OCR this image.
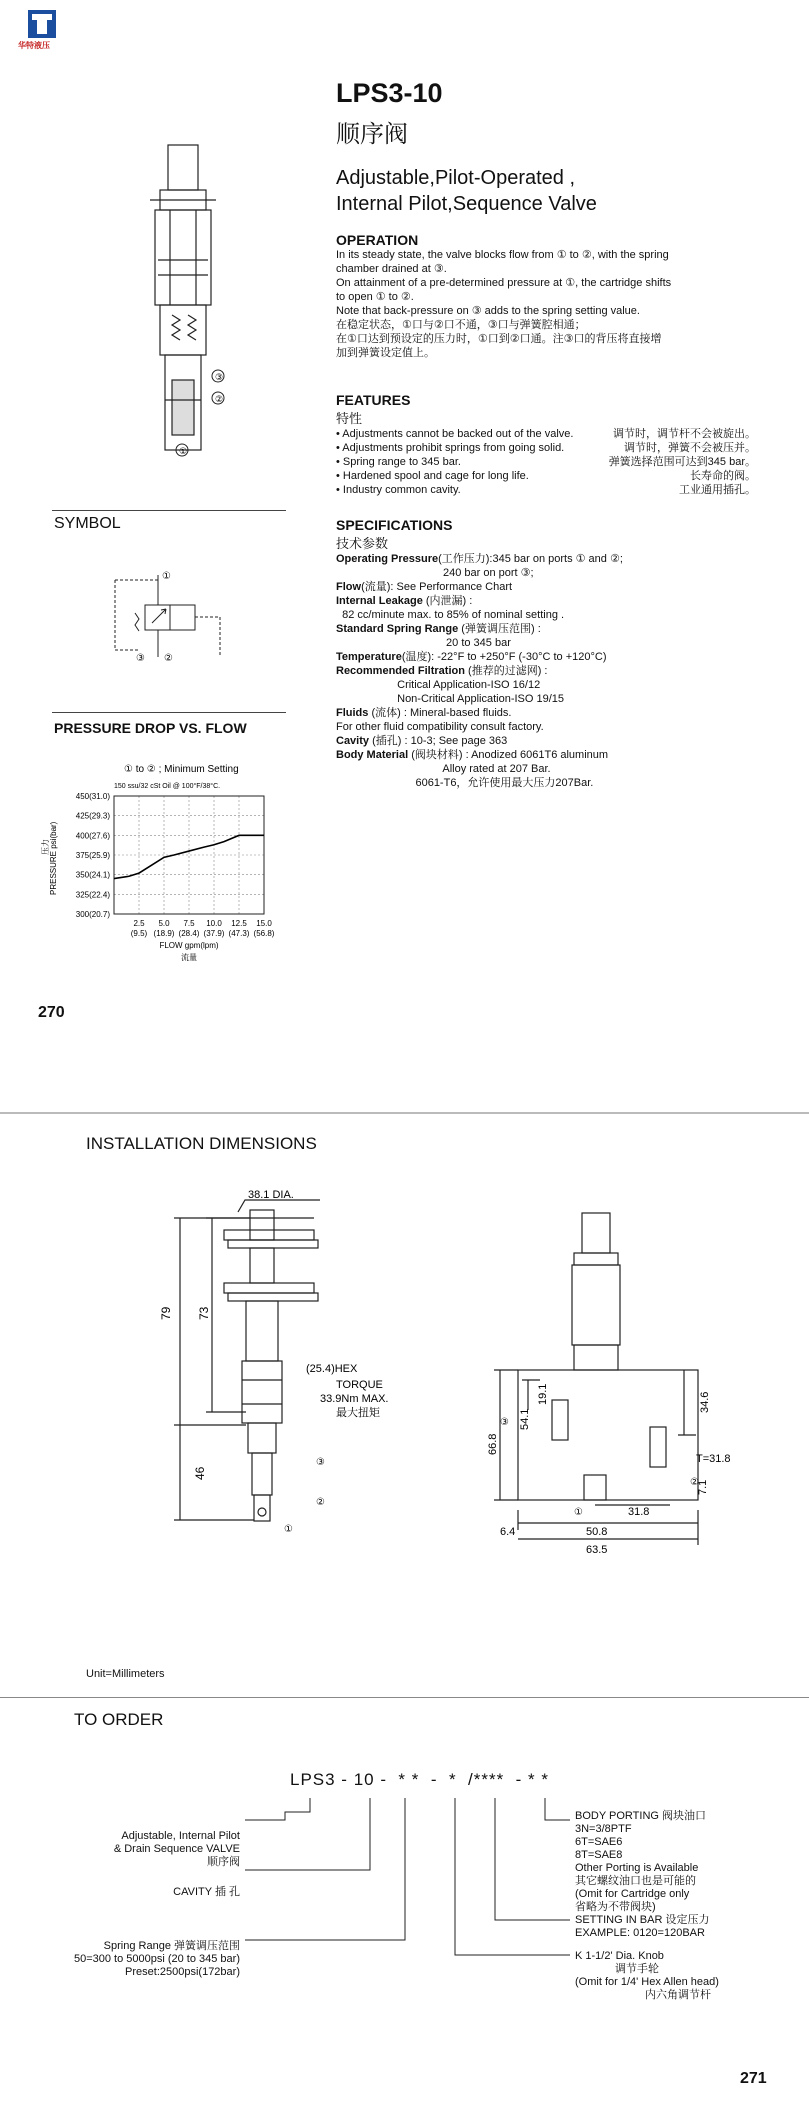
华特液压
LPS3-10
顺序阀
Adjustable,Pilot-Operated ,
Internal Pilot,Sequence Valve
③
②
①
OPERATION
In its steady state, the valve blocks flow from ① to ②, with the spring
chamber drained at ③.
On attainment of a pre-determined pressure at ①, the cartridge shifts
to open ① to ②.
Note that back-pressure on ③ adds to the spring setting value.
在稳定状态，①口与②口不通，③口与弹簧腔相通；
在①口达到预设定的压力时，①口到②口通。注③口的背压将直接增
加到弹簧设定值上。
FEATURES
特性
• Adjustments cannot be backed out of the valve.	调节时，调节杆不会被旋出。
• Adjustments prohibit springs from going solid.	调节时，弹簧不会被压并。
• Spring range to 345 bar.	弹簧选择范围可达到345 bar。
• Hardened spool and cage for long life.	长寿命的阀。
• Industry common cavity.	工业通用插孔。
SPECIFICATIONS
技术参数
Operating Pressure(工作压力):345 bar on ports ① and ②;
240 bar on port ③;
Flow(流量): See Performance Chart
Internal Leakage (内泄漏) :
82 cc/minute max. to 85% of nominal setting .
Standard Spring Range (弹簧调压范围) :
20 to 345 bar
Temperature(温度): -22°F to +250°F (-30°C to +120°C)
Recommended Filtration (推荐的过滤网) :
Critical Application-ISO 16/12
Non-Critical Application-ISO 19/15
Fluids (流体) : Mineral-based fluids.
For other fluid compatibility consult factory.
Cavity (插孔) : 10-3; See page 363
Body Material (阀块材料) : Anodized 6061T6 aluminum
Alloy rated at 207 Bar.
6061-T6，允许使用最大压力207Bar.
SYMBOL
①
③ ②
PRESSURE DROP VS. FLOW
① to ② ; Minimum Setting
150 ssu/32 cSt Oil @ 100°F/38°C.
300(20.7)
325(22.4)
350(24.1)
375(25.9)
400(27.6)
425(29.3)
450(31.0)
2.5
(9.5)
5.0
(18.9)
7.5
(28.4)
10.0
(37.9)
12.5
(47.3)
15.0
(56.8)
FLOW gpm(lpm)
流量
PRESSURE psi(bar)
压力
270
INSTALLATION DIMENSIONS
38.1 DIA.
79 73
46
(25.4)HEX
TORQUE
33.9Nm MAX.
最大扭矩
③
②
①
66.8
54.1
19.1	34.6
T=31.8
7.1
31.8
6.4	50.8
63.5
③
②
①
Unit=Millimeters
TO ORDER
LPS3 - 10 -  * *  -  *  /****  - * *
Adjustable, Internal Pilot
& Drain Sequence VALVE
顺序阀
CAVITY 插 孔
Spring Range 弹簧调压范围
50=300 to 5000psi (20 to 345 bar)
Preset:2500psi(172bar)
BODY PORTING 阀块油口
3N=3/8PTF
6T=SAE6
8T=SAE8
Other Porting is Available
其它螺纹油口也是可能的
(Omit for Cartridge only
省略为不带阀块)
SETTING IN BAR 设定压力
EXAMPLE: 0120=120BAR
K 1-1/2' Dia. Knob
调节手轮
(Omit for 1/4' Hex Allen head)
内六角调节杆
271
